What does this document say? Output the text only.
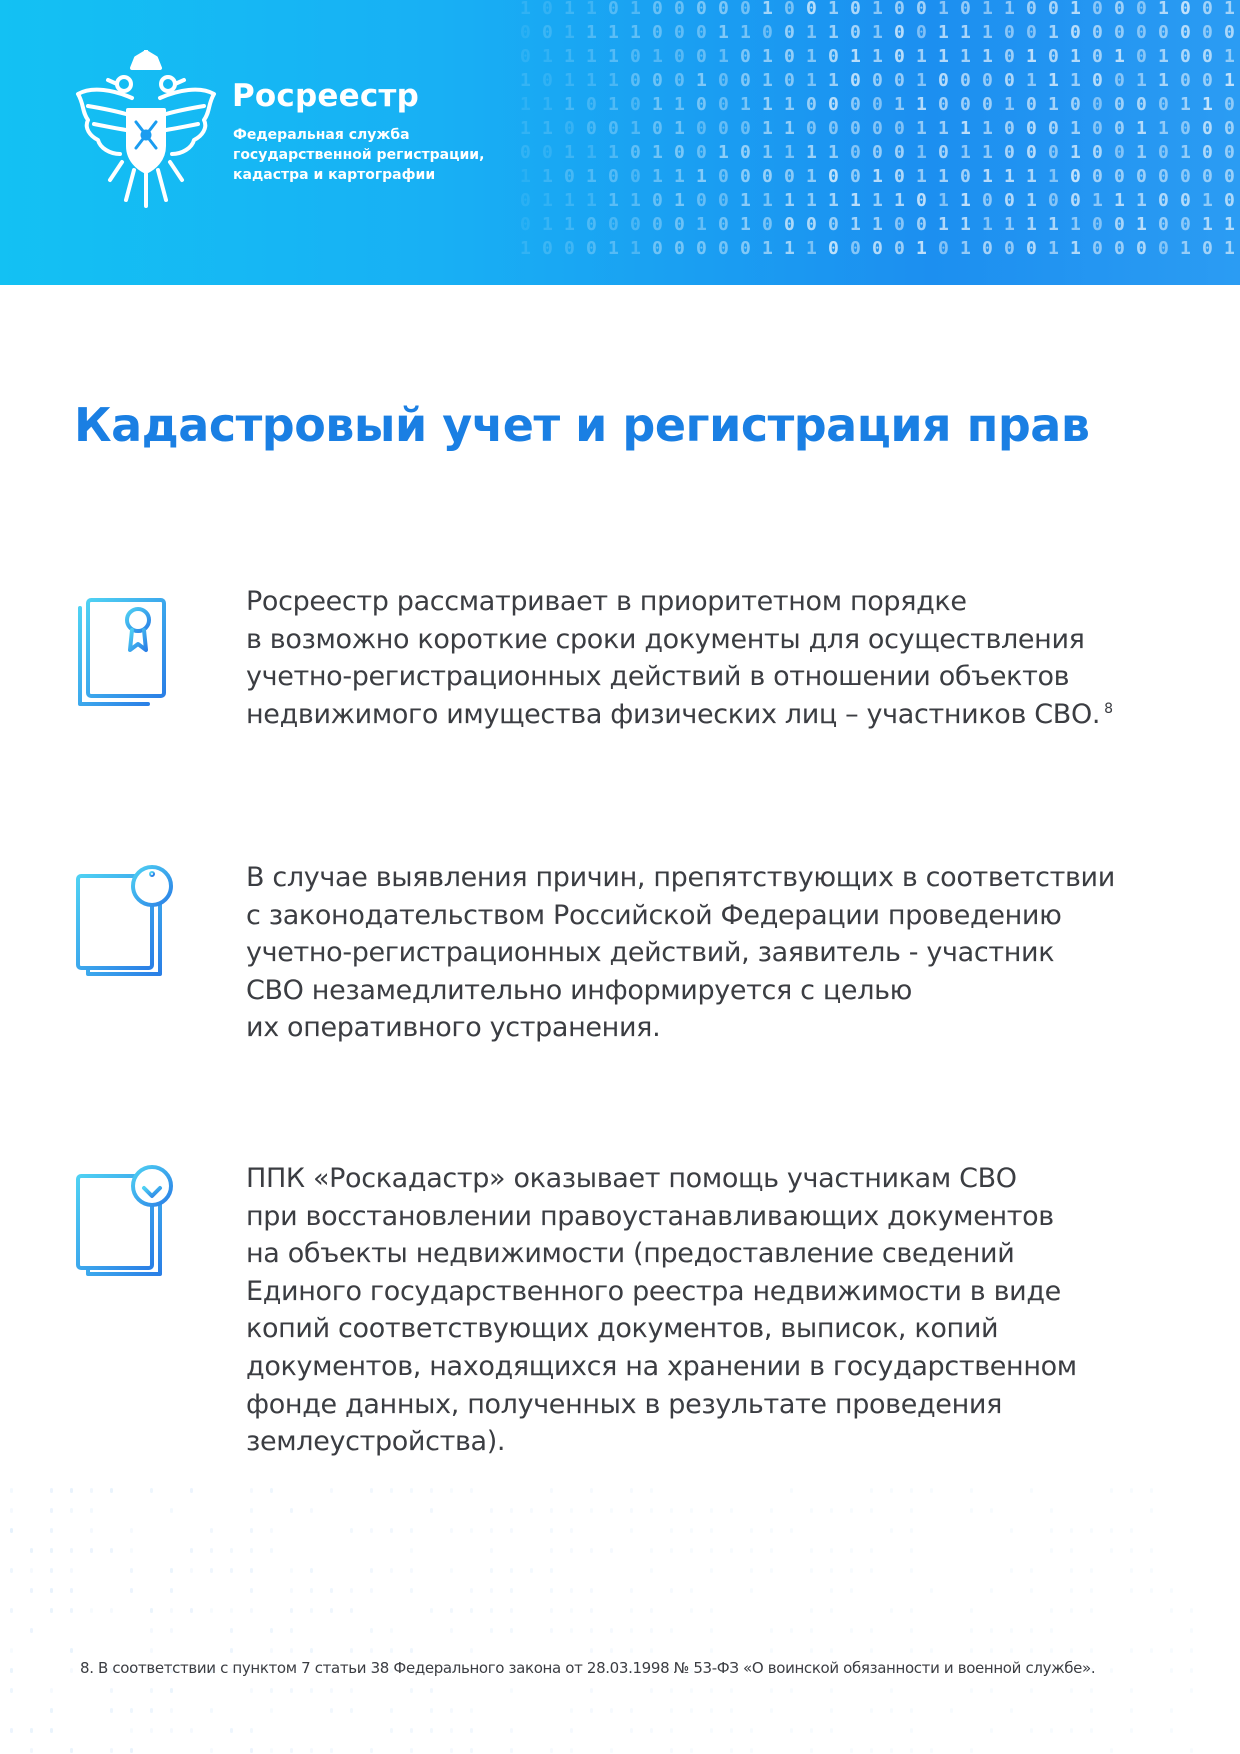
1 0 1 1 0 1 0 0 0 0 0 1 0 0 1 0 1 0 0 1 0 1 1 0 0 1 0 0 0 1 0 0 1
0 0 1 1 1 1 0 0 0 1 1 0 0 1 1 0 1 0 0 1 1 1 0 0 1 0 0 0 0 0 0 0 0
0 1 1 1 1 0 1 0 0 1 0 1 0 1 0 1 1 0 1 1 1 1 0 1 0 1 0 1 0 1 0 0 1
1 0 1 1 1 0 0 0 1 0 0 1 0 1 1 0 0 0 1 0 0 0 0 1 1 1 0 0 1 1 0 0 1
1 1 1 0 1 0 1 1 0 0 1 1 1 0 0 0 0 1 1 0 0 0 1 0 1 0 0 0 0 0 1 1 0
1 1 0 0 0 1 0 1 0 0 0 1 1 0 0 0 0 0 1 1 1 1 0 0 0 1 0 0 1 1 0 0 0
0 0 1 1 1 0 1 0 0 1 0 1 1 1 1 0 0 0 1 0 1 1 0 0 0 1 0 0 1 0 1 0 0
1 1 0 1 0 0 1 1 1 0 0 0 0 1 0 0 1 0 1 1 0 1 1 1 1 0 0 0 0 0 0 0 0
0 1 1 1 1 1 0 1 0 0 1 1 1 1 1 1 1 1 0 1 1 0 0 1 0 0 1 1 1 0 0 1 0
0 1 1 0 0 0 0 0 1 0 1 0 0 0 0 1 1 0 0 1 1 1 1 1 1 1 0 0 1 0 0 1 1
1 0 0 0 1 1 0 0 0 0 0 1 1 1 0 0 0 0 1 0 1 0 0 0 1 1 0 0 0 0 1 0 1
Росреестр
Федеральная служба
государственной регистрации,
кадастра и картографии
Кадастровый учет и регистрация прав

Росреестр рассматривает в приоритетном порядке
в возможно короткие сроки документы для осуществления
учетно-регистрационных действий в отношении объектов
недвижимого имущества физических лиц – участников СВО. $^8$

В случае выявления причин, препятствующих в соответствии
с законодательством Российской Федерации проведению
учетно-регистрационных действий, заявитель - участник
СВО незамедлительно информируется с целью
их оперативного устранения.

ППК «Роскадастр» оказывает помощь участникам СВО
при восстановлении правоустанавливающих документов
на объекты недвижимости (предоставление сведений
Единого государственного реестра недвижимости в виде
копий соответствующих документов, выписок, копий
документов, находящихся на хранении в государственном
фонде данных, полученных в результате проведения
землеустройства).

8. В соответствии с пунктом 7 статьи 38 Федерального закона от 28.03.1998 № 53-ФЗ «О воинской обязанности и военной службе».
